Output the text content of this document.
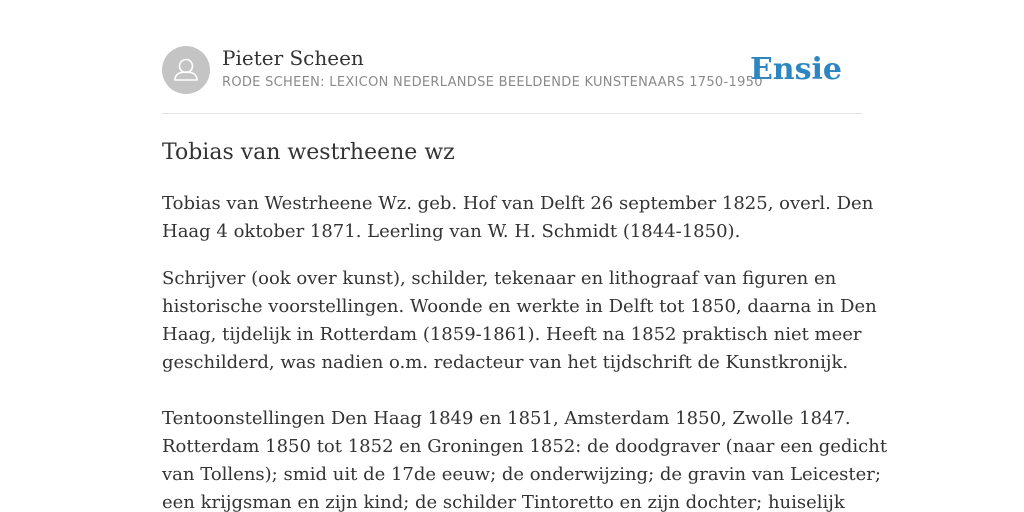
Pieter Scheen
RODE SCHEEN: LEXICON NEDERLANDSE BEELDENDE KUNSTENAARS 1750-1950
Ensie
Tobias van westrheene wz

Tobias van Westrheene Wz. geb. Hof van Delft 26 september 1825, overl. Den
Haag 4 oktober 1871. Leerling van W. H. Schmidt (1844-1850).

Schrijver (ook over kunst), schilder, tekenaar en lithograaf van figuren en
historische voorstellingen. Woonde en werkte in Delft tot 1850, daarna in Den
Haag, tijdelijk in Rotterdam (1859-1861). Heeft na 1852 praktisch niet meer
geschilderd, was nadien o.m. redacteur van het tijdschrift de Kunstkronijk.

Tentoonstellingen Den Haag 1849 en 1851, Amsterdam 1850, Zwolle 1847.
Rotterdam 1850 tot 1852 en Groningen 1852: de doodgraver (naar een gedicht
van Tollens); smid uit de 17de eeuw; de onderwijzing; de gravin van Leicester;
een krijgsman en zijn kind; de schilder Tintoretto en zijn dochter; huiselijk
